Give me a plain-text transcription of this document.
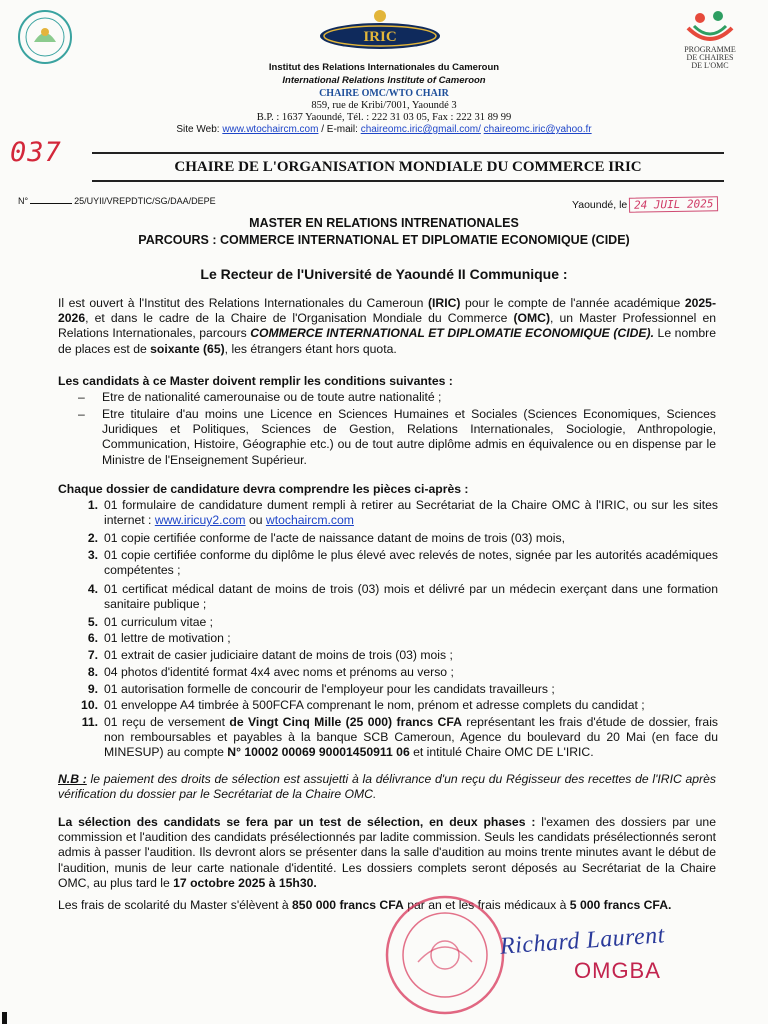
IRIC
PROGRAMME
DE CHAIRES
DE L'OMC
Institut des Relations Internationales du Cameroun
International Relations Institute of Cameroon
CHAIRE OMC/WTO CHAIR
859, rue de Kribi/7001, Yaoundé 3
B.P. : 1637 Yaoundé, Tél. : 222 31 03 05, Fax : 222 31 89 99
Site Web: www.wtochaircm.com / E-mail: chaireomc.iric@gmail.com/ chaireomc.iric@yahoo.fr
037	CHAIRE DE L'ORGANISATION MONDIALE DU COMMERCE IRIC
N°	25/UYII/VREPDTIC/SG/DAA/DEPE	Yaoundé, le 24 JUIL 2025
MASTER EN RELATIONS INTRENATIONALES
PARCOURS : COMMERCE INTERNATIONAL ET DIPLOMATIE ECONOMIQUE (CIDE)
Le Recteur de l'Université de Yaoundé II Communique :
Il est ouvert à l'Institut des Relations Internationales du Cameroun (IRIC) pour le compte de l'année académique 2025-2026, et dans le cadre de la Chaire de l'Organisation Mondiale du Commerce (OMC), un Master Professionnel en Relations Internationales, parcours COMMERCE INTERNATIONAL ET DIPLOMATIE ECONOMIQUE (CIDE). Le nombre de places est de soixante (65), les étrangers étant hors quota.
Les candidats à ce Master doivent remplir les conditions suivantes :
– Etre de nationalité camerounaise ou de toute autre nationalité ;
– Etre titulaire d'au moins une Licence en Sciences Humaines et Sociales (Sciences Economiques, Sciences Juridiques et Politiques, Sciences de Gestion, Relations Internationales, Sociologie, Anthropologie, Communication, Histoire, Géographie etc.) ou de tout autre diplôme admis en équivalence ou en dispense par le Ministre de l'Enseignement Supérieur.
Chaque dossier de candidature devra comprendre les pièces ci-après :
1. 01 formulaire de candidature dument rempli à retirer au Secrétariat de la Chaire OMC à l'IRIC, ou sur les sites internet : www.iricuy2.com ou wtochaircm.com
2. 01 copie certifiée conforme de l'acte de naissance datant de moins de trois (03) mois,
3. 01 copie certifiée conforme du diplôme le plus élevé avec relevés de notes, signée par les autorités académiques compétentes ;
4. 01 certificat médical datant de moins de trois (03) mois et délivré par un médecin exerçant dans une formation sanitaire publique ;
5. 01 curriculum vitae ;
6. 01 lettre de motivation ;
7. 01 extrait de casier judiciaire datant de moins de trois (03) mois ;
8. 04 photos d'identité format 4x4 avec noms et prénoms au verso ;
9. 01 autorisation formelle de concourir de l'employeur pour les candidats travailleurs ;
10. 01 enveloppe A4 timbrée à 500FCFA comprenant le nom, prénom et adresse complets du candidat ;
11. 01 reçu de versement de Vingt Cinq Mille (25 000) francs CFA représentant les frais d'étude de dossier, frais non remboursables et payables à la banque SCB Cameroun, Agence du boulevard du 20 Mai (en face du MINESUP) au compte N° 10002 00069 90001450911 06 et intitulé Chaire OMC DE L'IRIC.
N.B : le paiement des droits de sélection est assujetti à la délivrance d'un reçu du Régisseur des recettes de l'IRIC après vérification du dossier par le Secrétariat de la Chaire OMC.
La sélection des candidats se fera par un test de sélection, en deux phases : l'examen des dossiers par une commission et l'audition des candidats présélectionnés par ladite commission. Seuls les candidats présélectionnés seront admis à passer l'audition. Ils devront alors se présenter dans la salle d'audition au moins trente minutes avant le début de l'audition, munis de leur carte nationale d'identité. Les dossiers complets seront déposés au Secrétariat de la Chaire OMC, au plus tard le 17 octobre 2025 à 15h30.
Les frais de scolarité du Master s'élèvent à 850 000 francs CFA par an et les frais médicaux à 5 000 francs CFA.
Richard Laurent
OMGBA
